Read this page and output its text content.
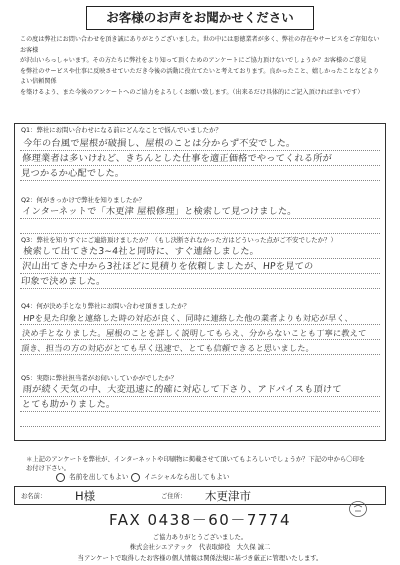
お客様のお声をお聞かせください

この度は弊社にお問い合わせを頂き誠にありがとうございました。世の中には悪徳業者が多く、弊社の存在やサービスをご存知ないお客様

が沢山いらっしゃいます。その方たちに弊社をより知って頂くためのアンケートにご協力頂けないでしょうか？お客様のご意見

を弊社のサービスや仕事に反映させていただき今後の活動に役立てたいと考えております。良かったこと、嬉しかったことなどよりよい信頼関係

を築けるよう、また今後のアンケートへのご協力をよろしくお願い致します。（出来るだけ具体的にご記入頂ければ幸いです）

Q1：弊社にお問い合わせになる前にどんなことで悩んでいましたか？
今年の台風で屋根が破損し、屋根のことは分からず不安でした。
修理業者は多いけれど、きちんとした仕事を適正価格でやってくれる所が
見つかるか心配でした。
Q2：何がきっかけで弊社を知りましたか？
インターネットで「木更津 屋根修理」と検索して見つけました。
Q3：弊社を知りすぐにご連絡頂けましたか？（もし決断されなかった方はどういった点がご不安でしたか？）
検索して出てきた3~4社と同時に、すぐ連絡しました。
沢山出てきた中から3社ほどに見積りを依頼しましたが、HPを見ての
印象で決めました。
Q4：何が決め手となり弊社にお問い合わせ頂きましたか？
HPを見た印象と連絡した時の対応が良く、同時に連絡した他の業者よりも対応が早く、
決め手となりました。屋根のことを詳しく説明してもらえ、分からないことも丁寧に教えて
頂き、担当の方の対応がとても早く迅速で、とても信頼できると思いました。
Q5：実際に弊社担当者がお伺いしていかがでしたか？
雨が続く天気の中、大変迅速に的確に対応して下さり、アドバイスも頂けて
とても助かりました。
＊上記のアンケートを弊社が、インターネットや印刷物に掲載させて頂いてもよろしいでしょうか？下記の中から〇印を
お付け下さい。
名前を出してもよい	イニシャルなら出してもよい
お名前：	H様	ご住所： 木更津市
FAX 0438－60－7774
ご協力ありがとうございました。
株式会社シエアテック　代表取締役　大久保 誠二
当アンケートで取得したお客様の個人情報は関係法規に基づき厳正に管理いたします。
